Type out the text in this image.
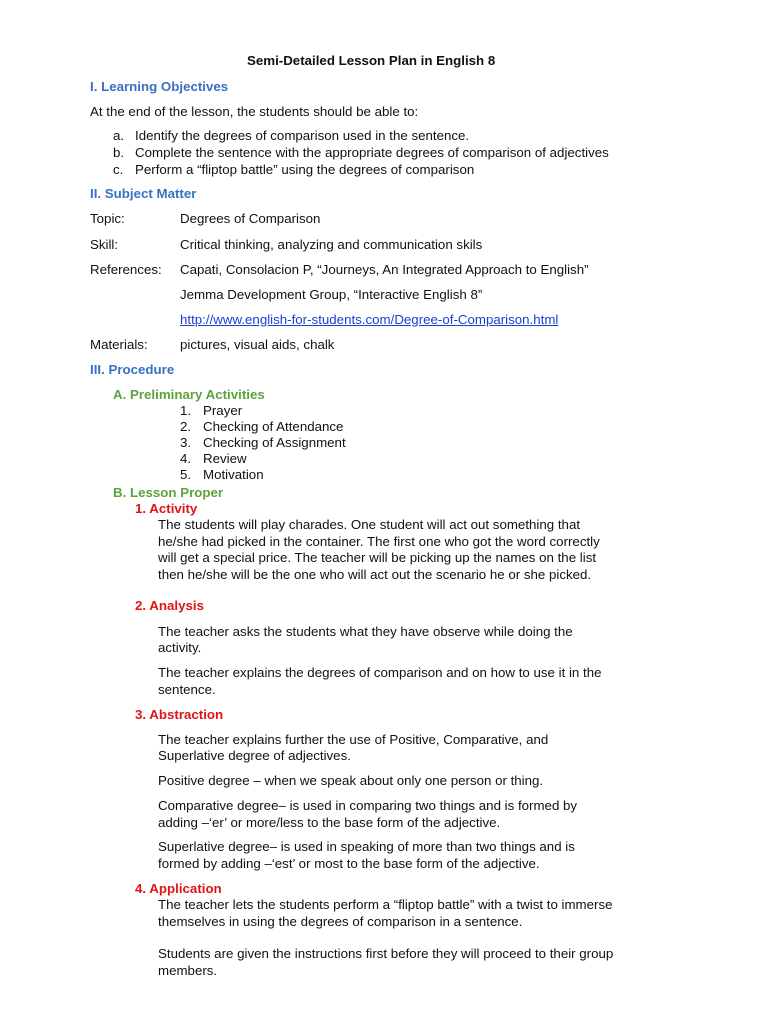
Semi-Detailed Lesson Plan in English 8
I. Learning Objectives
At the end of the lesson, the students should be able to:
a. Identify the degrees of comparison used in the sentence.
b. Complete the sentence with the appropriate degrees of comparison of adjectives
c. Perform a “fliptop battle” using the degrees of comparison
II. Subject Matter
Topic:	Degrees of Comparison
Skill:	Critical thinking, analyzing and communication skils
References: Capati, Consolacion P, “Journeys, An Integrated Approach to English”
Jemma Development Group, “Interactive English 8”
http://www.english-for-students.com/Degree-of-Comparison.html
Materials: pictures, visual aids, chalk
III. Procedure
A. Preliminary Activities
1. Prayer
2. Checking of Attendance
3. Checking of Assignment
4. Review
5. Motivation
B. Lesson Proper
1. Activity
The students will play charades. One student will act out something that
he/she had picked in the container. The first one who got the word correctly
will get a special price. The teacher will be picking up the names on the list
then he/she will be the one who will act out the scenario he or she picked.
2. Analysis
The teacher asks the students what they have observe while doing the
activity.
The teacher explains the degrees of comparison and on how to use it in the
sentence.
3. Abstraction
The teacher explains further the use of Positive, Comparative, and
Superlative degree of adjectives.
Positive degree – when we speak about only one person or thing.
Comparative degree– is used in comparing two things and is formed by
adding –‘er’ or more/less to the base form of the adjective.
Superlative degree– is used in speaking of more than two things and is
formed by adding –‘est’ or most to the base form of the adjective.
4. Application
The teacher lets the students perform a “fliptop battle” with a twist to immerse
themselves in using the degrees of comparison in a sentence.
Students are given the instructions first before they will proceed to their group
members.
